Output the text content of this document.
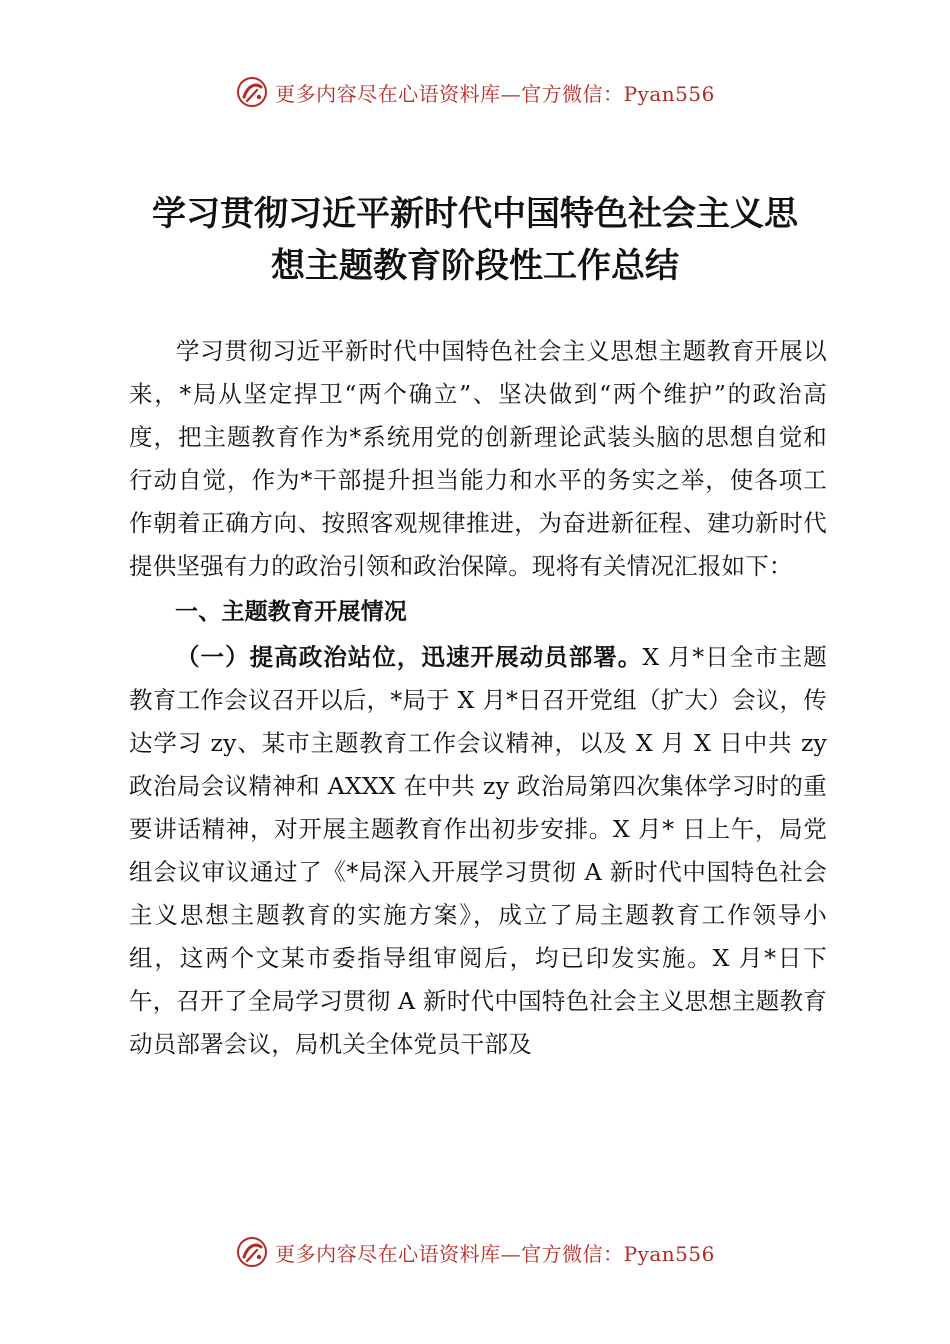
更多内容尽在心语资料库—官方微信：Pyan556
学习贯彻习近平新时代中国特色社会主义思
想主题教育阶段性工作总结

学习贯彻习近平新时代中国特色社会主义思想主题教育开展以来，*局从坚定捍卫“两个确立”、坚决做到“两个维护”的政治高度，把主题教育作为*系统用党的创新理论武装头脑的思想自觉和行动自觉，作为*干部提升担当能力和水平的务实之举，使各项工作朝着正确方向、按照客观规律推进，为奋进新征程、建功新时代提供坚强有力的政治引领和政治保障。现将有关情况汇报如下：

一、主题教育开展情况

（一）提高政治站位，迅速开展动员部署。X 月*日全市主题教育工作会议召开以后，*局于 X 月*日召开党组（扩大）会议，传达学习 zy、某市主题教育工作会议精神，以及 X 月 X 日中共 zy 政治局会议精神和 AXXX 在中共 zy 政治局第四次集体学习时的重要讲话精神，对开展主题教育作出初步安排。X 月* 日上午，局党组会议审议通过了《*局深入开展学习贯彻 A 新时代中国特色社会主义思想主题教育的实施方案》，成立了局主题教育工作领导小组，这两个文某市委指导组审阅后，均已印发实施。X 月*日下午，召开了全局学习贯彻 A 新时代中国特色社会主义思想主题教育动员部署会议，局机关全体党员干部及

更多内容尽在心语资料库—官方微信：Pyan556
